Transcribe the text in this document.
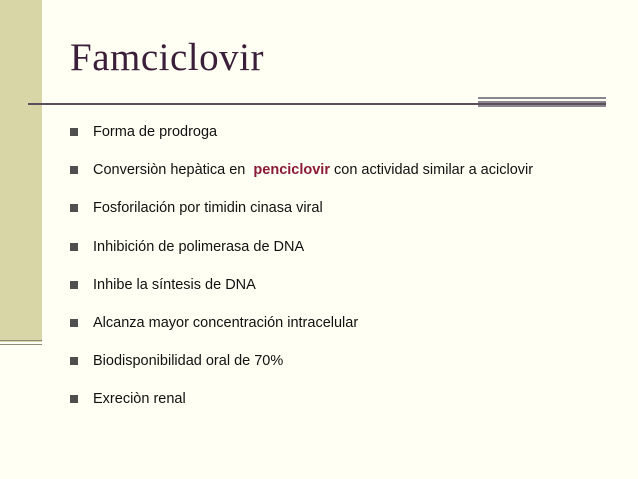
Famciclovir
Forma de prodroga
Conversiòn hepàtica en  penciclovir con actividad similar a aciclovir
Fosforilación por timidin cinasa viral
Inhibición de polimerasa de DNA
Inhibe la síntesis de DNA
Alcanza mayor concentración intracelular
Biodisponibilidad oral de 70%
Exreciòn renal
